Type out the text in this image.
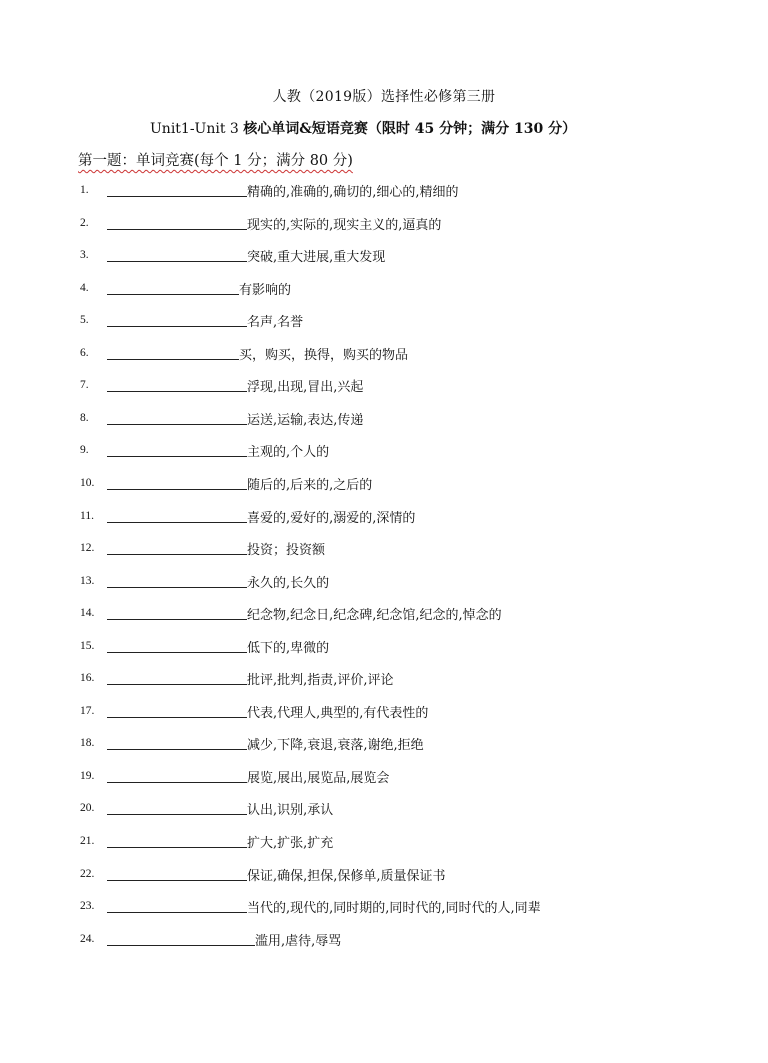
人教（2019版）选择性必修第三册
Unit1-Unit 3 核心单词&短语竞赛（限时 45 分钟；满分 130 分）
第一题：单词竞赛(每个 1 分；满分 80 分)
1.	精确的,准确的,确切的,细心的,精细的
2.	现实的,实际的,现实主义的,逼真的
3.	突破,重大进展,重大发现
4.	有影响的
5.	名声,名誉
6.	买，购买，换得，购买的物品
7.	浮现,出现,冒出,兴起
8.	运送,运输,表达,传递
9.	主观的,个人的
10.	随后的,后来的,之后的
11.	喜爱的,爱好的,溺爱的,深情的
12.	投资；投资额
13.	永久的,长久的
14.	纪念物,纪念日,纪念碑,纪念馆,纪念的,悼念的
15.	低下的,卑微的
16.	批评,批判,指责,评价,评论
17.	代表,代理人,典型的,有代表性的
18.	减少,下降,衰退,衰落,谢绝,拒绝
19.	展览,展出,展览品,展览会
20.	认出,识别,承认
21.	扩大,扩张,扩充
22.	保证,确保,担保,保修单,质量保证书
23.	当代的,现代的,同时期的,同时代的,同时代的人,同辈
24.	滥用,虐待,辱骂
